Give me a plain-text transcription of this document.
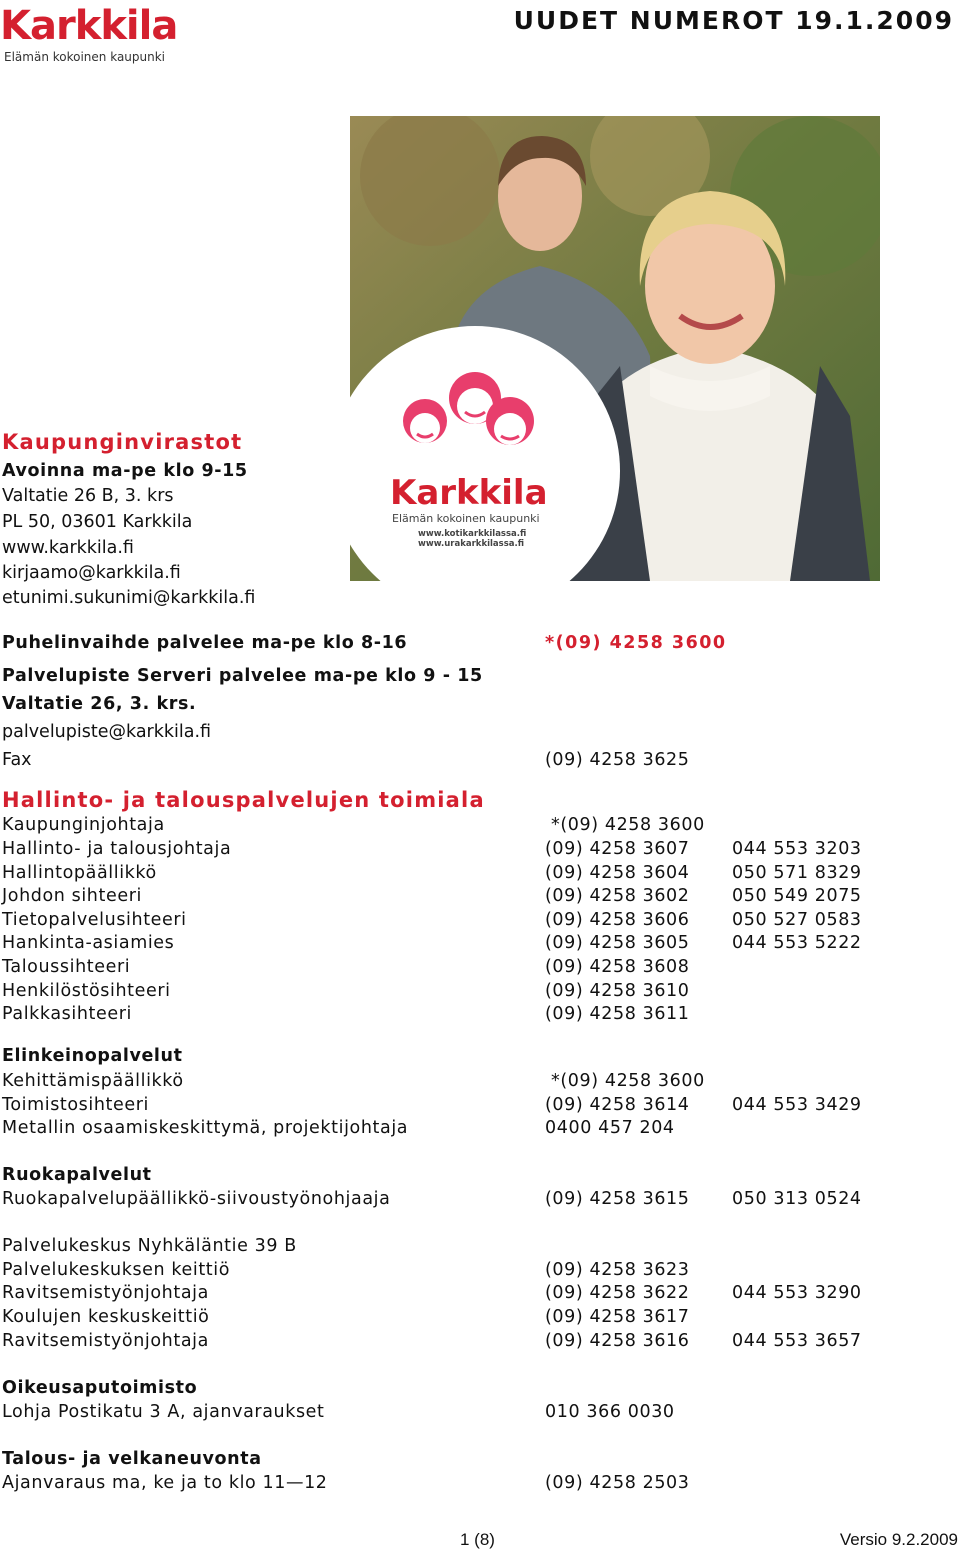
Karkkila
Elämän kokoinen kaupunki
UUDET NUMEROT 19.1.2009
Karkkila
Elämän kokoinen kaupunki
www.kotikarkkilassa.fi
www.urakarkkilassa.fi
Kaupunginvirastot
Avoinna ma-pe klo 9-15
Valtatie 26 B, 3. krs
PL 50, 03601 Karkkila
www.karkkila.fi
kirjaamo@karkkila.fi
etunimi.sukunimi@karkkila.fi
Puhelinvaihde palvelee ma-pe klo 8-16	*(09) 4258 3600
Palvelupiste Serveri palvelee ma-pe klo 9 - 15
Valtatie 26, 3. krs.
palvelupiste@karkkila.fi
Fax	(09) 4258 3625
Hallinto- ja talouspalvelujen toimiala
Kaupunginjohtaja	*(09) 4258 3600
Hallinto- ja talousjohtaja	(09) 4258 3607 044 553 3203
Hallintopäällikkö	(09) 4258 3604 050 571 8329
Johdon sihteeri	(09) 4258 3602 050 549 2075
Tietopalvelusihteeri	(09) 4258 3606 050 527 0583
Hankinta-asiamies	(09) 4258 3605 044 553 5222
Taloussihteeri	(09) 4258 3608
Henkilöstösihteeri	(09) 4258 3610
Palkkasihteeri	(09) 4258 3611
Elinkeinopalvelut
Kehittämispäällikkö	*(09) 4258 3600
Toimistosihteeri	(09) 4258 3614 044 553 3429
Metallin osaamiskeskittymä, projektijohtaja	0400 457 204
Ruokapalvelut
Ruokapalvelupäällikkö-siivoustyönohjaaja	(09) 4258 3615 050 313 0524
Palvelukeskus Nyhkäläntie 39 B
Palvelukeskuksen keittiö	(09) 4258 3623
Ravitsemistyönjohtaja	(09) 4258 3622 044 553 3290
Koulujen keskuskeittiö	(09) 4258 3617
Ravitsemistyönjohtaja	(09) 4258 3616 044 553 3657
Oikeusaputoimisto
Lohja Postikatu 3 A, ajanvaraukset	010 366 0030
Talous- ja velkaneuvonta
Ajanvaraus ma, ke ja to klo 11—12	(09) 4258 2503
1 (8)	Versio 9.2.2009
